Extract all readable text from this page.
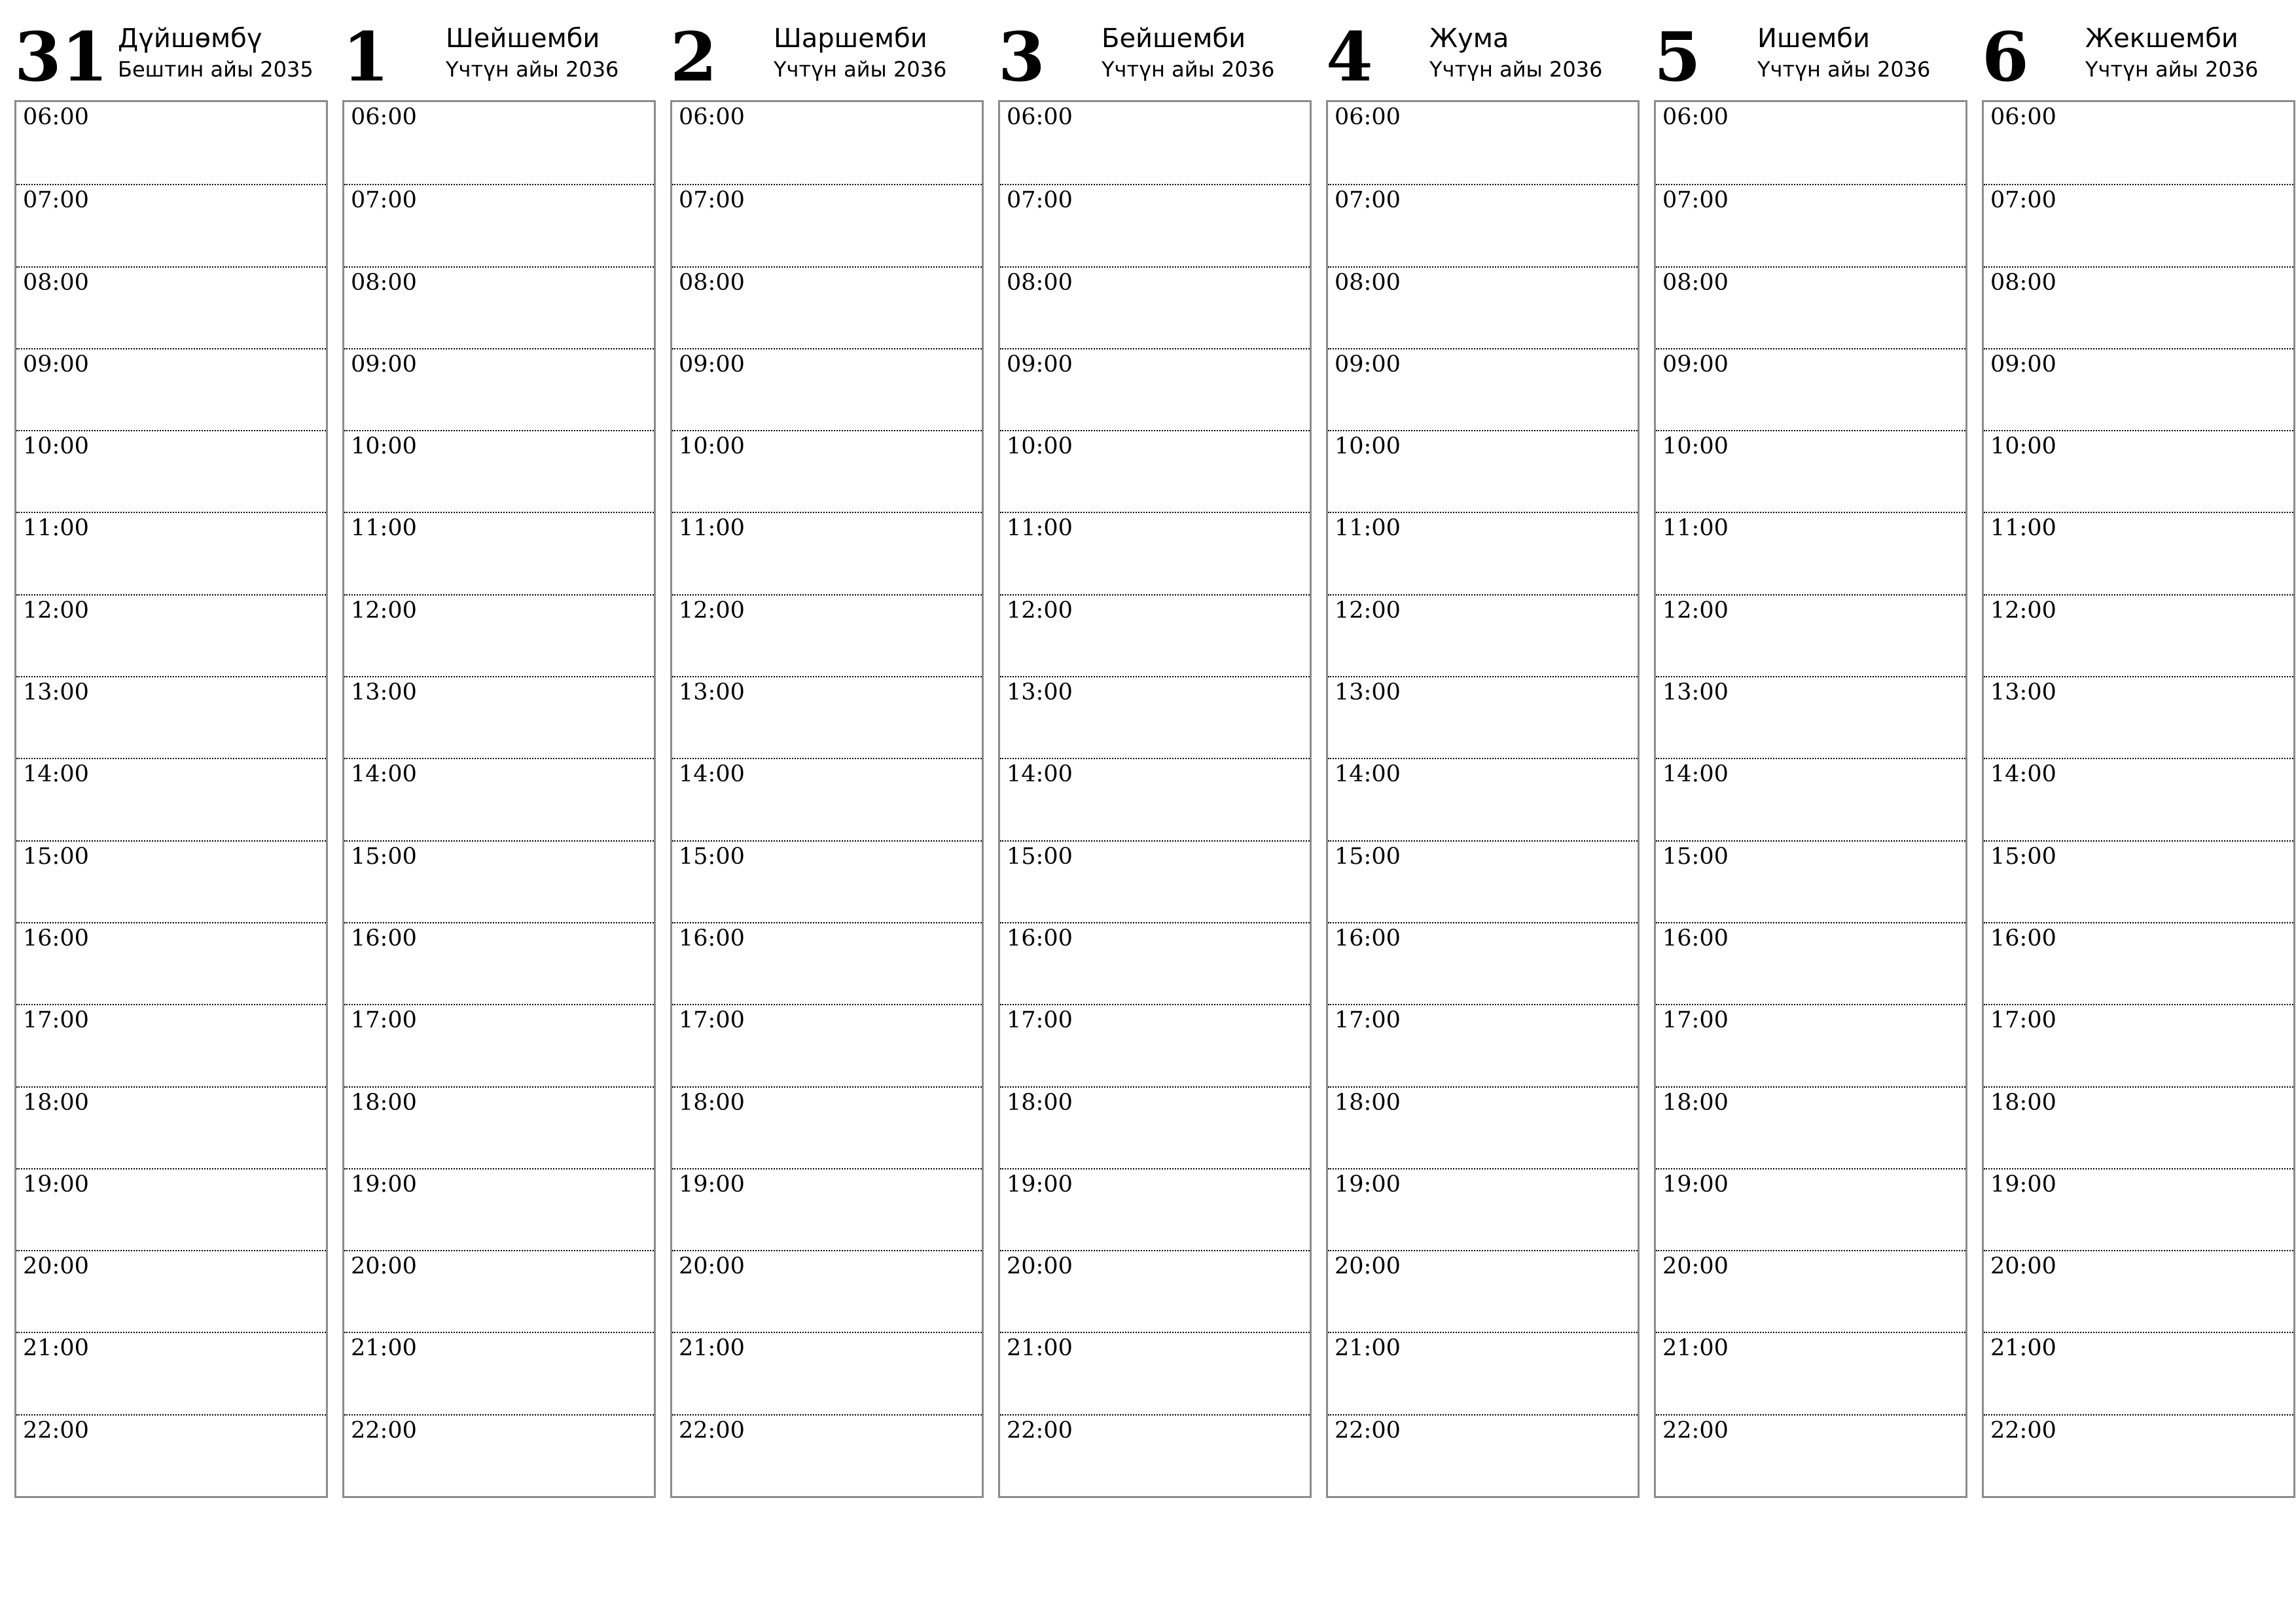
31 Дүйшөмбү
Бештин айы 2035
06:00
07:00
08:00
09:00
10:00
11:00
12:00
13:00
14:00
15:00
16:00
17:00
18:00
19:00
20:00
21:00
22:00
1	Шейшемби
Үчтүн айы 2036
06:00
07:00
08:00
09:00
10:00
11:00
12:00
13:00
14:00
15:00
16:00
17:00
18:00
19:00
20:00
21:00
22:00
2	Шаршемби
Үчтүн айы 2036
06:00
07:00
08:00
09:00
10:00
11:00
12:00
13:00
14:00
15:00
16:00
17:00
18:00
19:00
20:00
21:00
22:00
3	Бейшемби
Үчтүн айы 2036
06:00
07:00
08:00
09:00
10:00
11:00
12:00
13:00
14:00
15:00
16:00
17:00
18:00
19:00
20:00
21:00
22:00
4	Жума
Үчтүн айы 2036
06:00
07:00
08:00
09:00
10:00
11:00
12:00
13:00
14:00
15:00
16:00
17:00
18:00
19:00
20:00
21:00
22:00
5	Ишемби
Үчтүн айы 2036
06:00
07:00
08:00
09:00
10:00
11:00
12:00
13:00
14:00
15:00
16:00
17:00
18:00
19:00
20:00
21:00
22:00
6	Жекшемби
Үчтүн айы 2036
06:00
07:00
08:00
09:00
10:00
11:00
12:00
13:00
14:00
15:00
16:00
17:00
18:00
19:00
20:00
21:00
22:00
